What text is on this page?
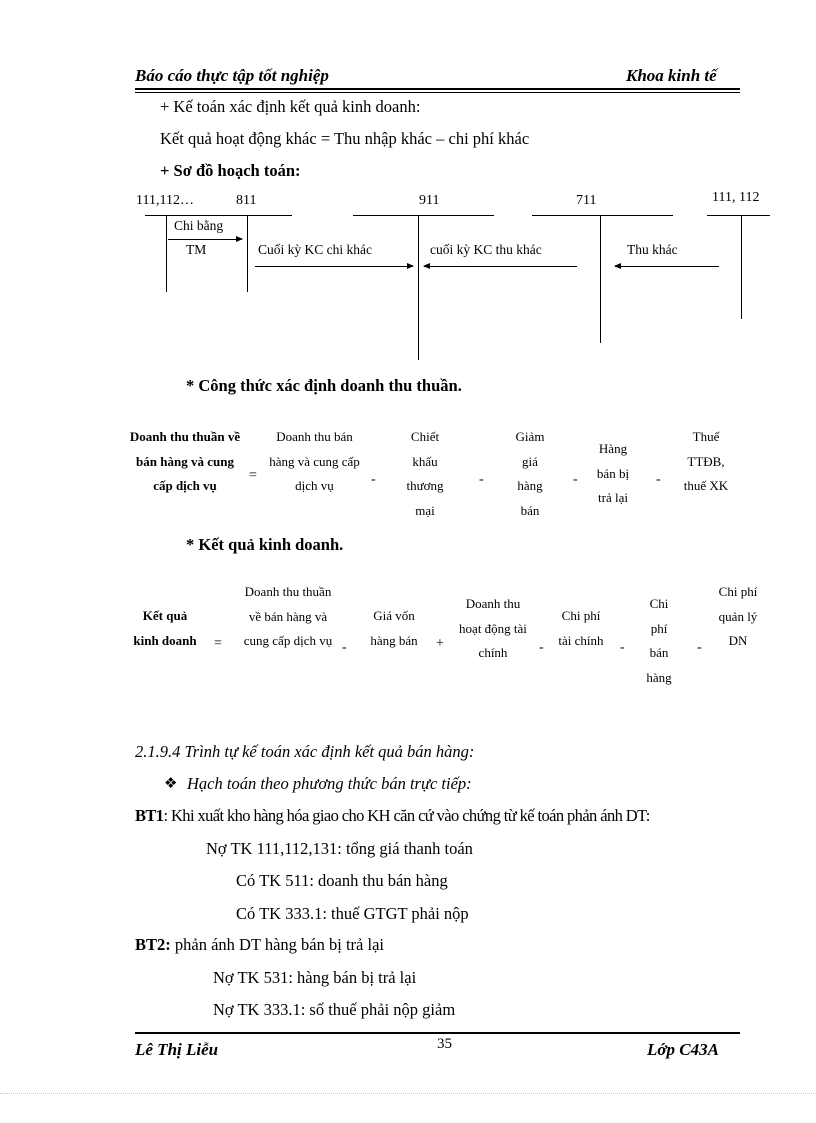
Báo cáo thực tập tốt nghiệp	Khoa kinh tế
+ Kế toán xác định kết quả kinh doanh:
Kết quả hoạt động khác = Thu nhập khác – chi phí khác
+ Sơ đồ hoạch toán:
111,112…	811	911	711	111, 112
Chi bằng
TM	Cuối kỳ KC chi khác	cuối kỳ KC thu khác	Thu khác
* Công thức xác định doanh thu thuần.
Doanh thu thuần về bán hàng và cung cấp dịch vụ
=
Doanh thu bán hàng và cung cấp dịch vụ	-
Chiết khấu thương mại
-
Giảm giá hàng bán
-
Hàng bán bị trả lại
-
Thuế TTĐB, thuế XK
* Kết quả kinh doanh.
Kết quả kinh doanh =
Doanh thu thuần về bán hàng và cung cấp dịch vụ -
Giá vốn hàng bán	+
Doanh thu hoạt động tài chính	-
Chi phí tài chính -
Chi phí bán hàng
-
Chi phí quản lý DN
2.1.9.4 Trình tự kế toán xác định kết quả bán hàng:
❖ Hạch toán theo phương thức bán trực tiếp:
BT1: Khi xuất kho hàng hóa giao cho KH căn cứ vào chứng từ kế toán phản ánh DT:
Nợ TK 111,112,131: tổng giá thanh toán
Có TK 511: doanh thu bán hàng
Có TK 333.1: thuế GTGT phải nộp
BT2: phản ánh DT hàng bán bị trả lại
Nợ TK 531: hàng bán bị trả lại
Nợ TK 333.1: số thuế phải nộp giảm
Lê Thị Liễu	35	Lớp C43A
